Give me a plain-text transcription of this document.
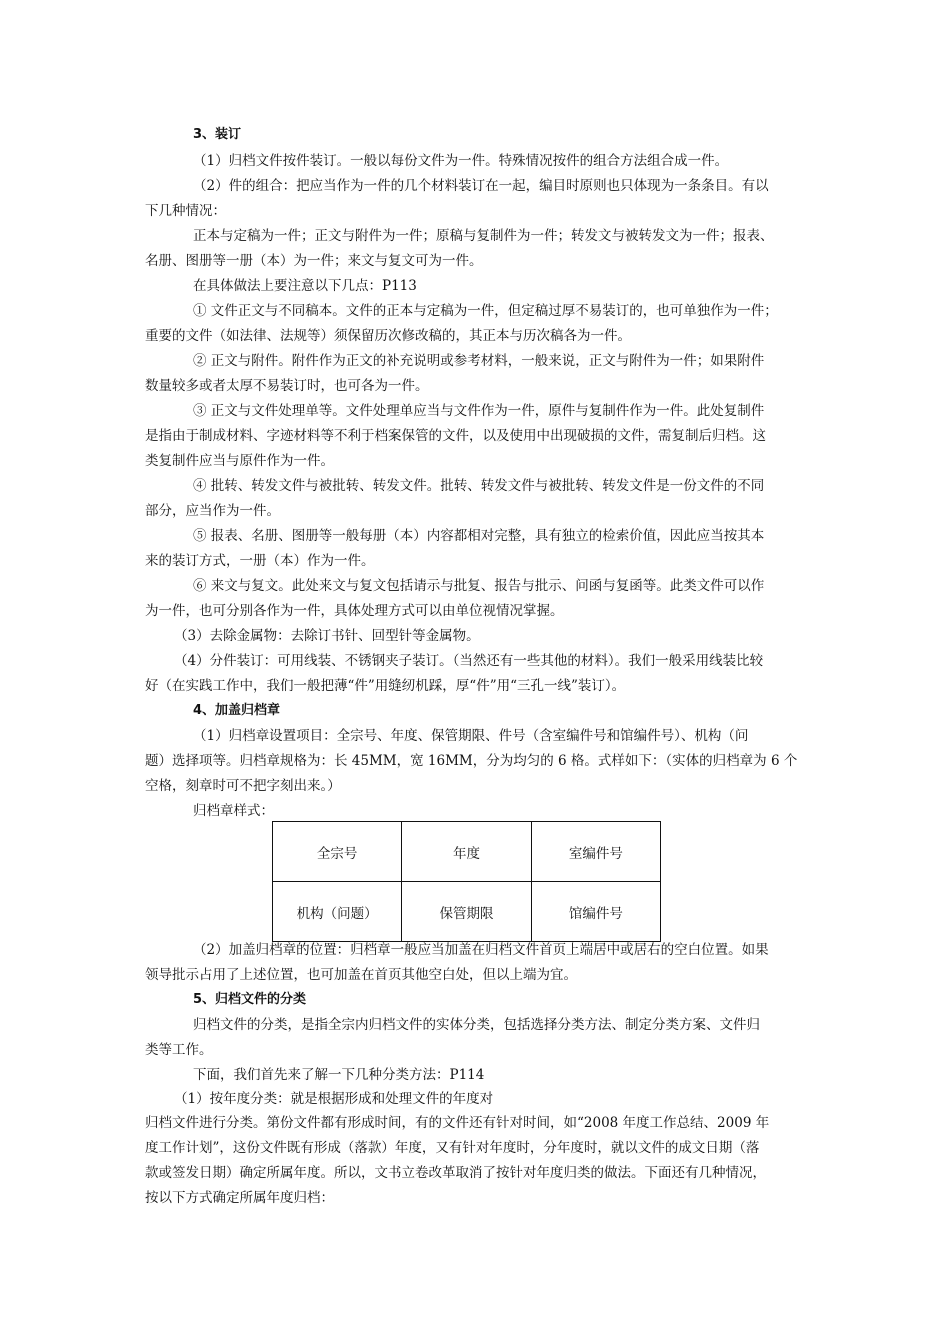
3、装订
（1）归档文件按件装订。一般以每份文件为一件。特殊情况按件的组合方法组合成一件。
（2）件的组合：把应当作为一件的几个材料装订在一起，编目时原则也只体现为一条条目。有以
下几种情况：
正本与定稿为一件；正文与附件为一件；原稿与复制件为一件；转发文与被转发文为一件；报表、
名册、图册等一册（本）为一件；来文与复文可为一件。
在具体做法上要注意以下几点：P113
① 文件正文与不同稿本。文件的正本与定稿为一件，但定稿过厚不易装订的，也可单独作为一件；
重要的文件（如法律、法规等）须保留历次修改稿的，其正本与历次稿各为一件。
② 正文与附件。附件作为正文的补充说明或参考材料，一般来说，正文与附件为一件；如果附件
数量较多或者太厚不易装订时，也可各为一件。
③ 正文与文件处理单等。文件处理单应当与文件作为一件，原件与复制件作为一件。此处复制件
是指由于制成材料、字迹材料等不利于档案保管的文件，以及使用中出现破损的文件，需复制后归档。这
类复制件应当与原件作为一件。
④ 批转、转发文件与被批转、转发文件。批转、转发文件与被批转、转发文件是一份文件的不同
部分，应当作为一件。
⑤ 报表、名册、图册等一般每册（本）内容都相对完整，具有独立的检索价值，因此应当按其本
来的装订方式，一册（本）作为一件。
⑥ 来文与复文。此处来文与复文包括请示与批复、报告与批示、问函与复函等。此类文件可以作
为一件，也可分别各作为一件，具体处理方式可以由单位视情况掌握。
（3）去除金属物：去除订书针、回型针等金属物。
（4）分件装订：可用线装、不锈钢夹子装订。（当然还有一些其他的材料）。我们一般采用线装比较
好（在实践工作中，我们一般把薄“件”用缝纫机踩，厚“件”用“三孔一线”装订）。
4、加盖归档章
（1）归档章设置项目：全宗号、年度、保管期限、件号（含室编件号和馆编件号）、机构（问
题）选择项等。归档章规格为：长 45MM，宽 16MM，分为均匀的 6 格。式样如下：（实体的归档章为 6 个
空格，刻章时可不把字刻出来。）
归档章样式：
全宗号	年度	室编件号
机构（问题）	保管期限	馆编件号
（2）加盖归档章的位置：归档章一般应当加盖在归档文件首页上端居中或居右的空白位置。如果
领导批示占用了上述位置，也可加盖在首页其他空白处，但以上端为宜。
5、归档文件的分类
归档文件的分类，是指全宗内归档文件的实体分类，包括选择分类方法、制定分类方案、文件归
类等工作。
下面，我们首先来了解一下几种分类方法：P114
（1）按年度分类：就是根据形成和处理文件的年度对
归档文件进行分类。第份文件都有形成时间，有的文件还有针对时间，如“2008 年度工作总结、2009 年
度工作计划”，这份文件既有形成（落款）年度，又有针对年度时，分年度时，就以文件的成文日期（落
款或签发日期）确定所属年度。所以，文书立卷改革取消了按针对年度归类的做法。下面还有几种情况，
按以下方式确定所属年度归档：
